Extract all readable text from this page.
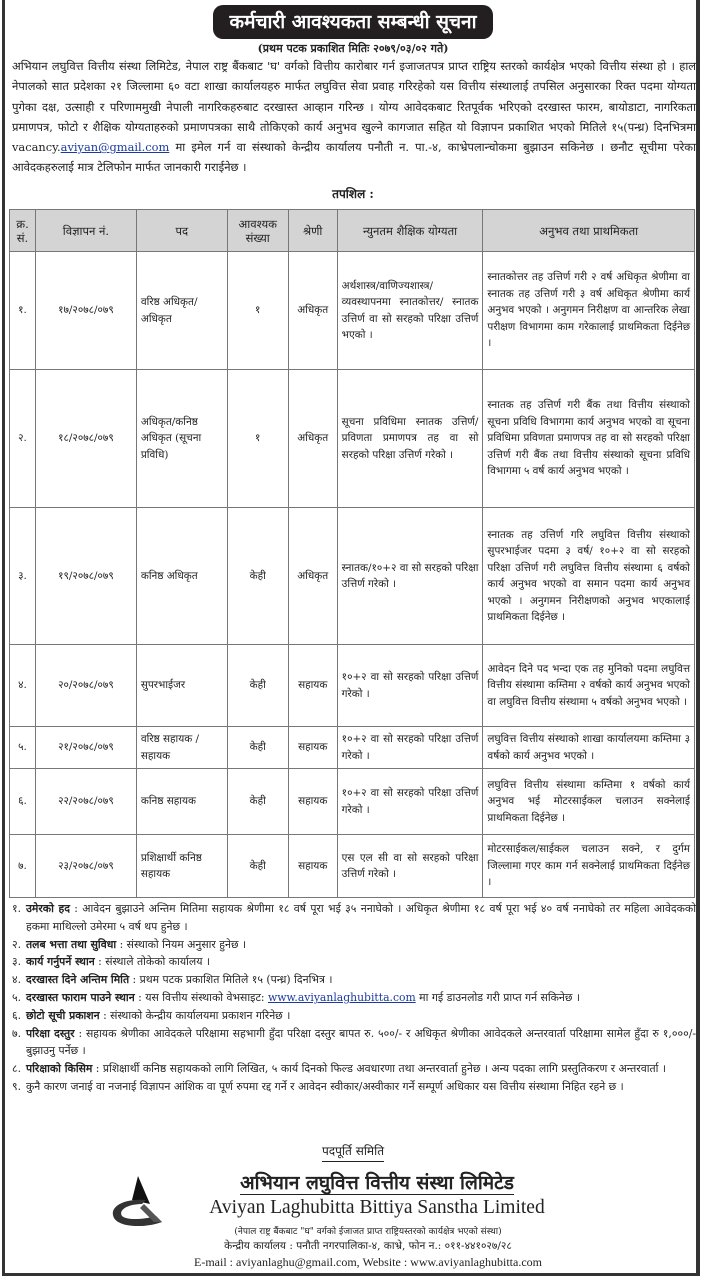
कर्मचारी आवश्यकता सम्बन्धी सूचना
(प्रथम पटक प्रकाशित मितिः २०७९/०३/०२ गते)
अभियान लघुवित्त वित्तीय संस्था लिमिटेड, नेपाल राष्ट्र बैंकबाट 'घ' वर्गको वित्तीय कारोबार गर्न इजाजतपत्र प्राप्त राष्ट्रिय स्तरको कार्यक्षेत्र भएको वित्तीय संस्था हो । हाल नेपालको सात प्रदेशका २१ जिल्लामा ६० वटा शाखा कार्यालयहरु मार्फत लघुवित्त सेवा प्रवाह गरिरहेको यस वित्तीय संस्थालाई तपसिल अनुसारका रिक्त पदमा योग्यता पुगेका दक्ष, उत्साही र परिणाममुखी नेपाली नागरिकहरुबाट दरखास्त आव्हान गरिन्छ । योग्य आवेदकबाट रितपूर्वक भरिएको दरखास्त फारम, बायोडाटा, नागरिकता प्रमाणपत्र, फोटो र शैक्षिक योग्यताहरुको प्रमाणपत्रका साथै तोकिएको कार्य अनुभव खुल्ने कागजात सहित यो विज्ञापन प्रकाशित भएको मितिले १५(पन्ध्र) दिनभित्रमा vacancy.aviyan@gmail.com मा इमेल गर्न वा संस्थाको केन्द्रीय कार्यालय पनौती न. पा.-४, काभ्रेपलान्चोकमा बुझाउन सकिनेछ । छनौट सूचीमा परेका आवेदकहरुलाई मात्र टेलिफोन मार्फत जानकारी गराईनेछ ।
तपशिल :
क्र. सं.	विज्ञापन नं.	पद	आवश्यक संख्या	श्रेणी	न्युनतम शैक्षिक योग्यता	अनुभव तथा प्राथमिकता
१.	१७/२०७८/०७९	वरिष्ठ अधिकृत/ अधिकृत	१	अधिकृत	अर्थशास्त्र/वाणिज्यशास्त्र/ व्यवस्थापनमा स्नातकोत्तर/ स्नातक उत्तिर्ण वा सो सरहको परिक्षा उत्तिर्ण भएको ।	स्नातकोत्तर तह उत्तिर्ण गरी २ वर्ष अधिकृत श्रेणीमा वा स्नातक तह उत्तिर्ण गरी ३ वर्ष अधिकृत श्रेणीमा कार्य अनुभव भएको । अनुगमन निरीक्षण वा आन्तरिक लेखा परीक्षण विभागमा काम गरेकालाई प्राथमिकता दिईनेछ ।
२.	१८/२०७८/०७९	अधिकृत/कनिष्ठ अधिकृत (सूचना प्रविधि)	१	अधिकृत	सूचना प्रविधिमा स्नातक उत्तिर्ण/प्रविणता प्रमाणपत्र तह वा सो सरहको परिक्षा उत्तिर्ण गरेको ।	स्नातक तह उत्तिर्ण गरी बैंक तथा वित्तीय संस्थाको सूचना प्रविधि विभागमा कार्य अनुभव भएको वा सूचना प्रविधिमा प्रविणता प्रमाणपत्र तह वा सो सरहको परिक्षा उत्तिर्ण गरी बैंक तथा वित्तीय संस्थाको सूचना प्रविधि विभागमा ५ वर्ष कार्य अनुभव भएको ।
३.	१९/२०७८/०७९	कनिष्ठ अधिकृत	केही	अधिकृत	स्नातक/१०+२ वा सो सरहको परिक्षा उत्तिर्ण गरेको ।	स्नातक तह उत्तिर्ण गरि लघुवित्त वित्तीय संस्थाको सुपरभाईजर पदमा ३ वर्ष/ १०+२ वा सो सरहको परिक्षा उत्तिर्ण गरी लघुवित्त वित्तीय संस्थामा ६ वर्षको कार्य अनुभव भएको वा समान पदमा कार्य अनुभव भएको । अनुगमन निरीक्षणको अनुभव भएकालाई प्राथमिकता दिईनेछ ।
४.	२०/२०७८/०७९	सुपरभाईजर	केही	सहायक	१०+२ वा सो सरहको परिक्षा उत्तिर्ण गरेको ।	आवेदन दिने पद भन्दा एक तह मुनिको पदमा लघुवित्त वित्तीय संस्थामा कम्तिमा २ वर्षको कार्य अनुभव भएको वा लघुवित्त वित्तीय संस्थामा ५ वर्षको अनुभव भएको ।
५.	२१/२०७८/०७९	वरिष्ठ सहायक / सहायक	केही	सहायक	१०+२ वा सो सरहको परिक्षा उत्तिर्ण गरेको ।	लघुवित्त वित्तीय संस्थाको शाखा कार्यालयमा कम्तिमा ३ वर्षको कार्य अनुभव भएको ।
६.	२२/२०७८/०७९	कनिष्ठ सहायक	केही	सहायक	१०+२ वा सो सरहको परिक्षा उत्तिर्ण गरेको ।	लघुवित्त वित्तीय संस्थामा कम्तिमा १ वर्षको कार्य अनुभव भई मोटरसाईकल चलाउन सक्नेलाई प्राथमिकता दिईनेछ ।
७.	२३/२०७८/०७९	प्रशिक्षार्थी कनिष्ठ सहायक	केही	सहायक	एस एल सी वा सो सरहको परिक्षा उत्तिर्ण गरेको ।	मोटरसाईकल/साईकल चलाउन सक्ने, र दुर्गम जिल्लामा गएर काम गर्न सक्नेलाई प्राथमिकता दिईनेछ ।
१. उमेरको हद : आवेदन बुझाउने अन्तिम मितिमा सहायक श्रेणीमा १८ वर्ष पूरा भई ३५ ननाघेको । अधिकृत श्रेणीमा १८ वर्ष पूरा भई ४० वर्ष ननाघेको तर महिला आवेदकको हकमा माथिल्लो उमेरमा ५ वर्ष थप हुनेछ ।
२. तलब भत्ता तथा सुविधा : संस्थाको नियम अनुसार हुनेछ ।
३. कार्य गर्नुपर्ने स्थान : संस्थाले तोकेको कार्यालय ।
४. दरखास्त दिने अन्तिम मिति : प्रथम पटक प्रकाशित मितिले १५ (पन्ध्र) दिनभित्र ।
५. दरखास्त फाराम पाउने स्थान : यस वित्तीय संस्थाको वेभसाइट: www.aviyanlaghubitta.com मा गई डाउनलोड गरी प्राप्त गर्न सकिनेछ ।
६. छोटो सूची प्रकाशन : संस्थाको केन्द्रीय कार्यालयमा प्रकाशन गरिनेछ ।
७. परिक्षा दस्तुर : सहायक श्रेणीका आवेदकले परिक्षामा सहभागी हुँदा परिक्षा दस्तुर बापत रु. ५००/- र अधिकृत श्रेणीका आवेदकले अन्तरवार्ता परिक्षामा सामेल हुँदा रु १,०००/- बुझाउनु पर्नेछ ।
८. परिक्षाको किसिम : प्रशिक्षार्थी कनिष्ठ सहायकको लागि लिखित, ५ कार्य दिनको फिल्ड अवधारणा तथा अन्तरवार्ता हुनेछ । अन्य पदका लागि प्रस्तुतिकरण र अन्तरवार्ता ।
९. कुनै कारण जनाई वा नजनाई विज्ञापन आंशिक वा पूर्ण रुपमा रद्द गर्ने र आवेदन स्वीकार/अस्वीकार गर्ने सम्पूर्ण अधिकार यस वित्तीय संस्थामा निहित रहने छ ।
पदपूर्ति समिति
अभियान लघुवित्त वित्तीय संस्था लिमिटेड
Aviyan Laghubitta Bittiya Sanstha Limited
(नेपाल राष्ट्र बैंकबाट "घ" वर्गको ईजाजत प्राप्त राष्ट्रियस्तरको कार्यक्षेत्र भएको संस्था)
केन्द्रीय कार्यालय : पनौती नगरपालिका-४, काभ्रे, फोन न.: ०११-४४१०२७/२८
E-mail : aviyanlaghu@gmail.com, Website : www.aviyanlaghubitta.com
